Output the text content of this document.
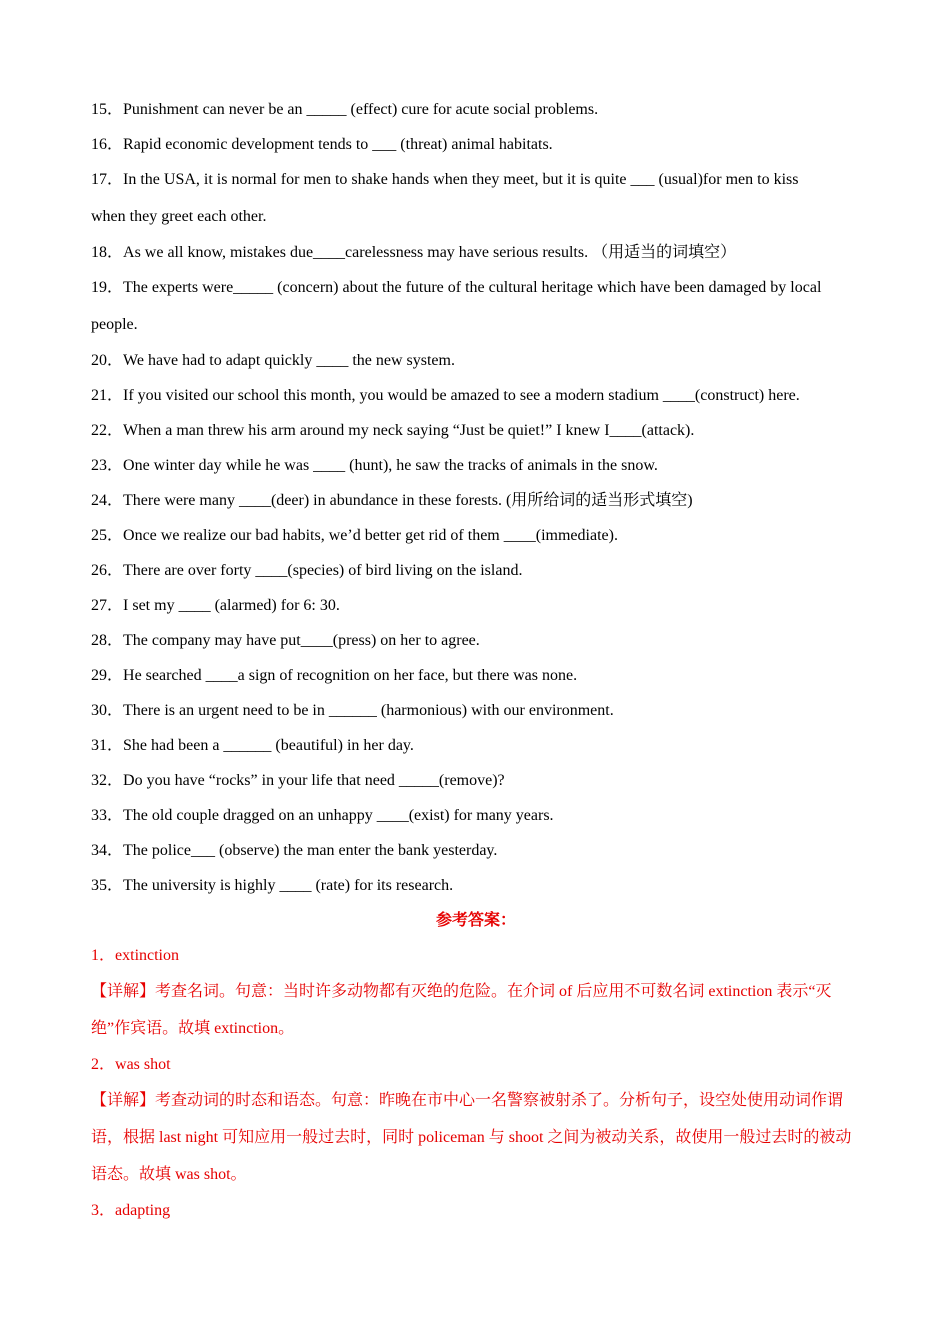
15．Punishment can never be an _____ (effect) cure for acute social problems.
16．Rapid economic development tends to ___ (threat) animal habitats.
17．In the USA, it is normal for men to shake hands when they meet, but it is quite ___ (usual)for men to kiss when they greet each other.
18．As we all know, mistakes due____carelessness may have serious results. （用适当的词填空）
19．The experts were_____ (concern) about the future of the cultural heritage which have been damaged by local people.
20．We have had to adapt quickly ____ the new system.
21．If you visited our school this month, you would be amazed to see a modern stadium ____(construct) here.
22．When a man threw his arm around my neck saying “Just be quiet!” I knew I____(attack).
23．One winter day while he was ____ (hunt), he saw the tracks of animals in the snow.
24．There were many ____(deer) in abundance in these forests. (用所给词的适当形式填空)
25．Once we realize our bad habits, we’d better get rid of them ____(immediate).
26．There are over forty ____(species) of bird living on the island.
27．I set my ____ (alarmed) for 6: 30.
28．The company may have put____(press) on her to agree.
29．He searched ____a sign of recognition on her face, but there was none.
30．There is an urgent need to be in ______ (harmonious) with our environment.
31．She had been a ______ (beautiful) in her day.
32．Do you have “rocks” in your life that need _____(remove)?
33．The old couple dragged on an unhappy ____(exist) for many years.
34．The police___ (observe) the man enter the bank yesterday.
35．The university is highly ____ (rate) for its research.
参考答案：
1．extinction
【详解】考查名词。句意：当时许多动物都有灭绝的危险。在介词 of 后应用不可数名词 extinction 表示“灭绝”作宾语。故填 extinction。
2．was shot
【详解】考查动词的时态和语态。句意：昨晚在市中心一名警察被射杀了。分析句子，设空处使用动词作谓语，根据 last night 可知应用一般过去时，同时 policeman 与 shoot 之间为被动关系，故使用一般过去时的被动语态。故填 was shot。
3．adapting
